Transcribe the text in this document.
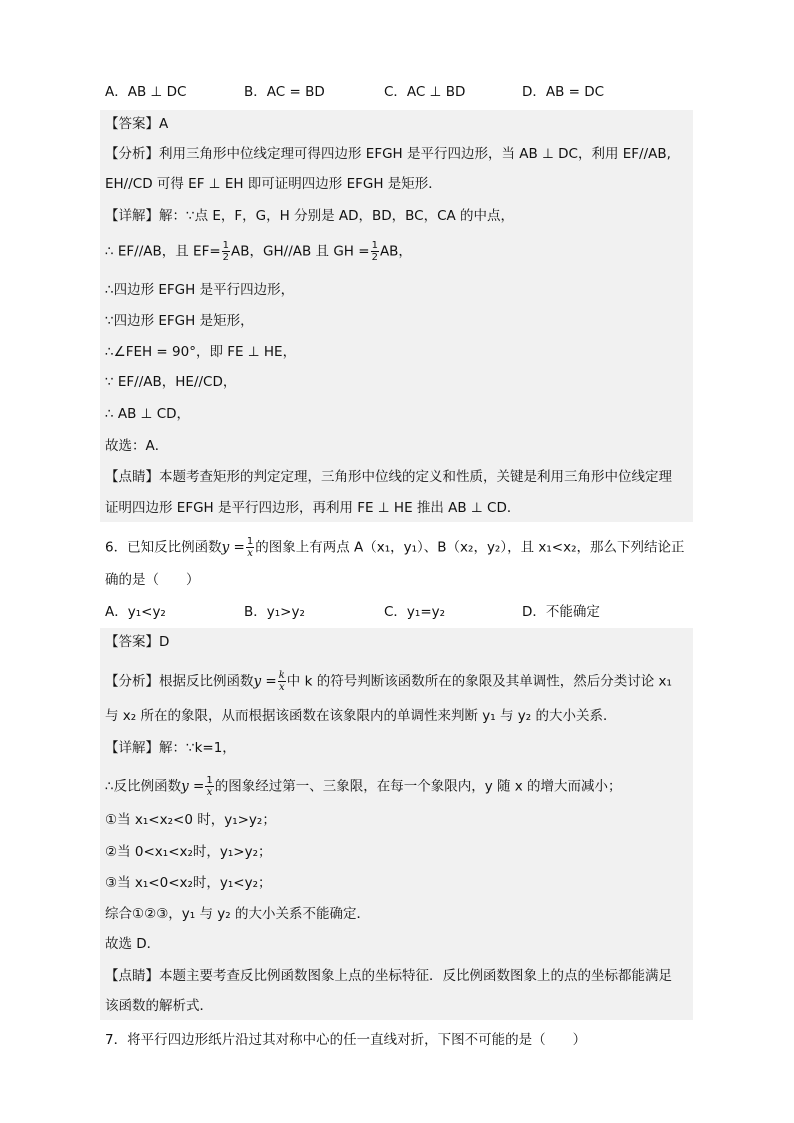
A．AB ⊥ DC	B．AC = BD	C．AC ⊥ BD	D．AB = DC
【答案】A
【分析】利用三角形中位线定理可得四边形 EFGH 是平行四边形，当 AB ⊥ DC，利用 EF//AB,
EH//CD 可得 EF ⊥ EH 即可证明四边形 EFGH 是矩形．
【详解】解：∵点 E，F，G，H 分别是 AD，BD，BC，CA 的中点，
∴ EF//AB，且 $EF= \frac{1}{2}$ AB，GH//AB 且 GH = $\frac{1}{2}$ AB，
∴四边形 EFGH 是平行四边形，
∵四边形 EFGH 是矩形，
∴∠FEH = 90°，即 FE ⊥ HE，
∵ EF//AB，HE//CD，
∴ AB ⊥ CD，
故选：A．
【点睛】本题考查矩形的判定定理，三角形中位线的定义和性质，关键是利用三角形中位线定理
证明四边形 EFGH 是平行四边形，再利用 FE ⊥ HE 推出 AB ⊥ CD．
6．已知反比例函数$y = \frac{1}{x}$ 的图象上有两点 A（x₁，y₁）、B（x₂，y₂），且 x₁<x₂，那么下列结论正
确的是（　　）
A．y₁<y₂	B．y₁>y₂	C．y₁=y₂	D．不能确定
【答案】D
【分析】根据反比例函数$y = \frac{k}{x}$ 中 k 的符号判断该函数所在的象限及其单调性，然后分类讨论 x₁
与 x₂ 所在的象限，从而根据该函数在该象限内的单调性来判断 y₁ 与 y₂ 的大小关系．
【详解】解：∵k=1，
∴反比例函数$y = \frac{1}{x}$ 的图象经过第一、三象限，在每一个象限内，y 随 x 的增大而减小；
①当 x₁<x₂<0 时，y₁>y₂；
②当 0<x₁<x₂时，y₁>y₂；
③当 x₁<0<x₂时，y₁<y₂；
综合①②③，y₁ 与 y₂ 的大小关系不能确定．
故选 D．
【点睛】本题主要考查反比例函数图象上点的坐标特征．反比例函数图象上的点的坐标都能满足
该函数的解析式．
7．将平行四边形纸片沿过其对称中心的任一直线对折，下图不可能的是（　　）
